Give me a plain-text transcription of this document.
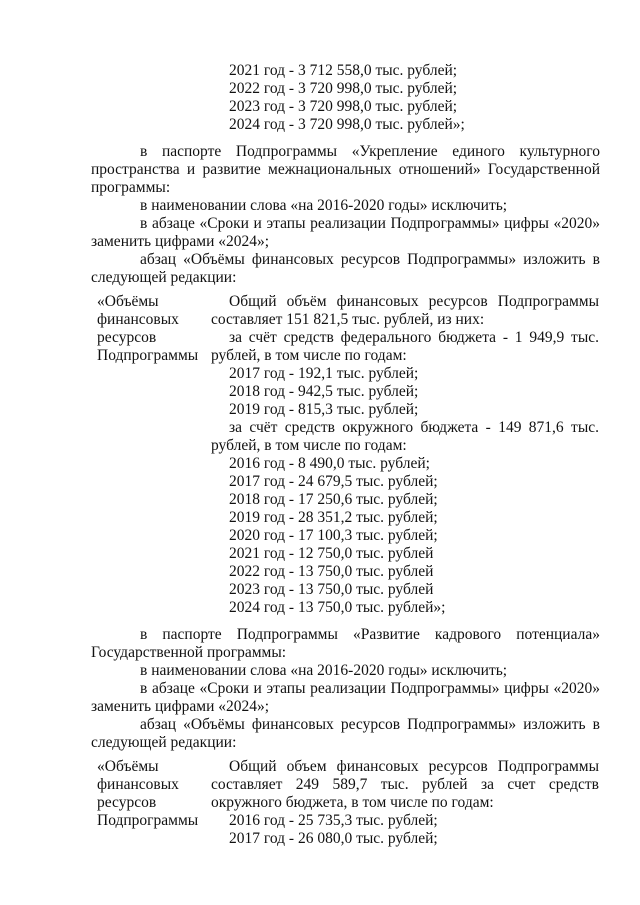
2021 год - 3 712 558,0 тыс. рублей;

2022 год - 3 720 998,0 тыс. рублей;

2023 год - 3 720 998,0 тыс. рублей;

2024 год - 3 720 998,0 тыс. рублей»;

в паспорте Подпрограммы «Укрепление единого культурного

пространства и развитие межнациональных отношений» Государственной

программы:

в наименовании слова «на 2016-2020 годы» исключить;

в абзаце «Сроки и этапы реализации Подпрограммы» цифры «2020»

заменить цифрами «2024»;

абзац «Объёмы финансовых ресурсов Подпрограммы» изложить в

следующей редакции:

«Объёмы

финансовых

ресурсов

Подпрограммы

Общий объём финансовых ресурсов Подпрограммы

составляет 151 821,5 тыс. рублей, из них:

за счёт средств федерального бюджета - 1 949,9 тыс.

рублей, в том числе по годам:

2017 год - 192,1 тыс. рублей;

2018 год - 942,5 тыс. рублей;

2019 год - 815,3 тыс. рублей;

за счёт средств окружного бюджета - 149 871,6 тыс.

рублей, в том числе по годам:

2016 год - 8 490,0 тыс. рублей;

2017 год - 24 679,5 тыс. рублей;

2018 год - 17 250,6 тыс. рублей;

2019 год - 28 351,2 тыс. рублей;

2020 год - 17 100,3 тыс. рублей;

2021 год - 12 750,0 тыс. рублей

2022 год - 13 750,0 тыс. рублей

2023 год - 13 750,0 тыс. рублей

2024 год - 13 750,0 тыс. рублей»;

в паспорте Подпрограммы «Развитие кадрового потенциала»

Государственной программы:

в наименовании слова «на 2016-2020 годы» исключить;

в абзаце «Сроки и этапы реализации Подпрограммы» цифры «2020»

заменить цифрами «2024»;

абзац «Объёмы финансовых ресурсов Подпрограммы» изложить в

следующей редакции:

«Объёмы

финансовых

ресурсов

Подпрограммы

Общий объем финансовых ресурсов Подпрограммы

составляет 249 589,7 тыс. рублей за счет средств

окружного бюджета, в том числе по годам:

2016 год - 25 735,3 тыс. рублей;

2017 год - 26 080,0 тыс. рублей;
